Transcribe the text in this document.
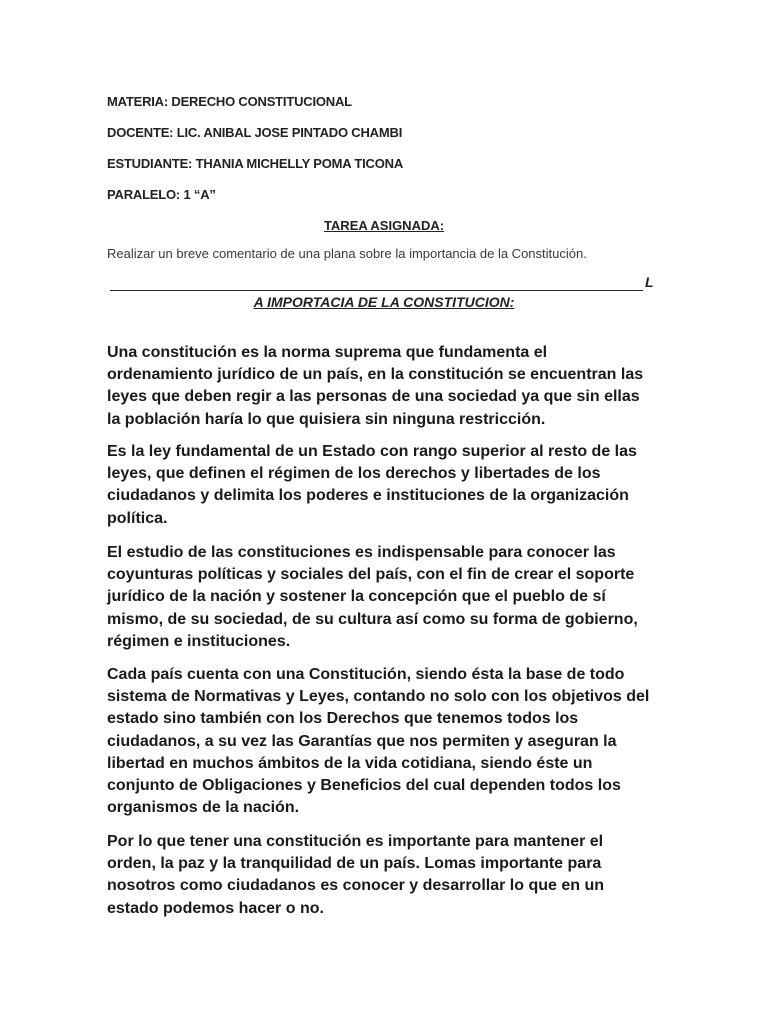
MATERIA: DERECHO CONSTITUCIONAL
DOCENTE: LIC. ANIBAL JOSE PINTADO CHAMBI
ESTUDIANTE: THANIA MICHELLY POMA TICONA
PARALELO: 1 “A”
TAREA ASIGNADA:
Realizar un breve comentario de una plana sobre la importancia de la Constitución.
L
A IMPORTACIA DE LA CONSTITUCION:
Una constitución es la norma suprema que fundamenta el
ordenamiento jurídico de un país, en la constitución se encuentran las
leyes que deben regir a las personas de una sociedad ya que sin ellas
la población haría lo que quisiera sin ninguna restricción.
Es la ley fundamental de un Estado con rango superior al resto de las
leyes, que definen el régimen de los derechos y libertades de los
ciudadanos y delimita los poderes e instituciones de la organización
política.
El estudio de las constituciones es indispensable para conocer las
coyunturas políticas y sociales del país, con el fin de crear el soporte
jurídico de la nación y sostener la concepción que el pueblo de sí
mismo, de su sociedad, de su cultura así como su forma de gobierno,
régimen e instituciones.
Cada país cuenta con una Constitución, siendo ésta la base de todo
sistema de Normativas y Leyes, contando no solo con los objetivos del
estado sino también con los Derechos que tenemos todos los
ciudadanos, a su vez las Garantías que nos permiten y aseguran la
libertad en muchos ámbitos de la vida cotidiana, siendo éste un
conjunto de Obligaciones y Beneficios del cual dependen todos los
organismos de la nación.
Por lo que tener una constitución es importante para mantener el
orden, la paz y la tranquilidad de un país. Lomas importante para
nosotros como ciudadanos es conocer y desarrollar lo que en un
estado podemos hacer o no.
